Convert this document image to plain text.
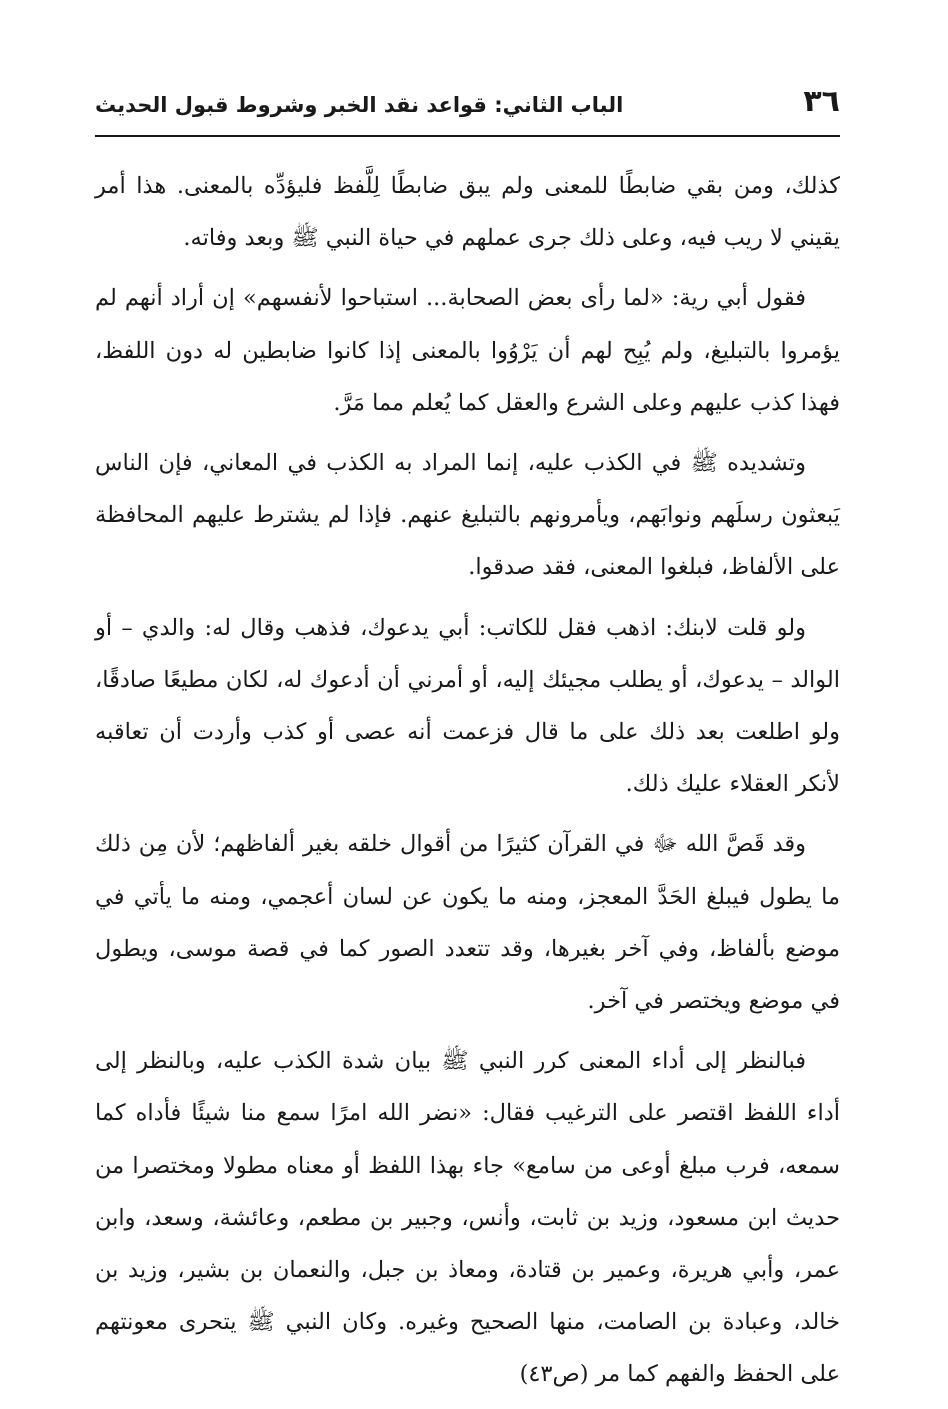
٣٦
الباب الثاني: قواعد نقد الخبر وشروط قبول الحديث

كذلك، ومن بقي ضابطًا للمعنى ولم يبق ضابطًا لِلَّفظ فليؤدِّه بالمعنى. هذا أمر يقيني لا ريب فيه، وعلى ذلك جرى عملهم في حياة النبي ﷺ وبعد وفاته.

فقول أبي رية: «لما رأى بعض الصحابة... استباحوا لأنفسهم» إن أراد أنهم لم يؤمروا بالتبليغ، ولم يُبِح لهم أن يَرْوُوا بالمعنى إذا كانوا ضابطين له دون اللفظ، فهذا كذب عليهم وعلى الشرع والعقل كما يُعلم مما مَرَّ.

وتشديده ﷺ في الكذب عليه، إنما المراد به الكذب في المعاني، فإن الناس يَبعثون رسلَهم ونوابَهم، ويأمرونهم بالتبليغ عنهم. فإذا لم يشترط عليهم المحافظة على الألفاظ، فبلغوا المعنى، فقد صدقوا.

ولو قلت لابنك: اذهب فقل للكاتب: أبي يدعوك، فذهب وقال له: والدي – أو الوالد – يدعوك، أو يطلب مجيئك إليه، أو أمرني أن أدعوك له، لكان مطيعًا صادقًا، ولو اطلعت بعد ذلك على ما قال فزعمت أنه عصى أو كذب وأردت أن تعاقبه لأنكر العقلاء عليك ذلك.

وقد قَصَّ الله ﷻ في القرآن كثيرًا من أقوال خلقه بغير ألفاظهم؛ لأن مِن ذلك ما يطول فيبلغ الحَدَّ المعجز، ومنه ما يكون عن لسان أعجمي، ومنه ما يأتي في موضع بألفاظ، وفي آخر بغيرها، وقد تتعدد الصور كما في قصة موسى، ويطول في موضع ويختصر في آخر.

فبالنظر إلى أداء المعنى كرر النبي ﷺ بيان شدة الكذب عليه، وبالنظر إلى أداء اللفظ اقتصر على الترغيب فقال: «نضر الله امرًا سمع منا شيئًا فأداه كما سمعه، فرب مبلغ أوعى من سامع» جاء بهذا اللفظ أو معناه مطولا ومختصرا من حديث ابن مسعود، وزيد بن ثابت، وأنس، وجبير بن مطعم، وعائشة، وسعد، وابن عمر، وأبي هريرة، وعمير بن قتادة، ومعاذ بن جبل، والنعمان بن بشير، وزيد بن خالد، وعبادة بن الصامت، منها الصحيح وغيره. وكان النبي ﷺ يتحرى معونتهم على الحفظ والفهم كما مر (ص٤٣)
